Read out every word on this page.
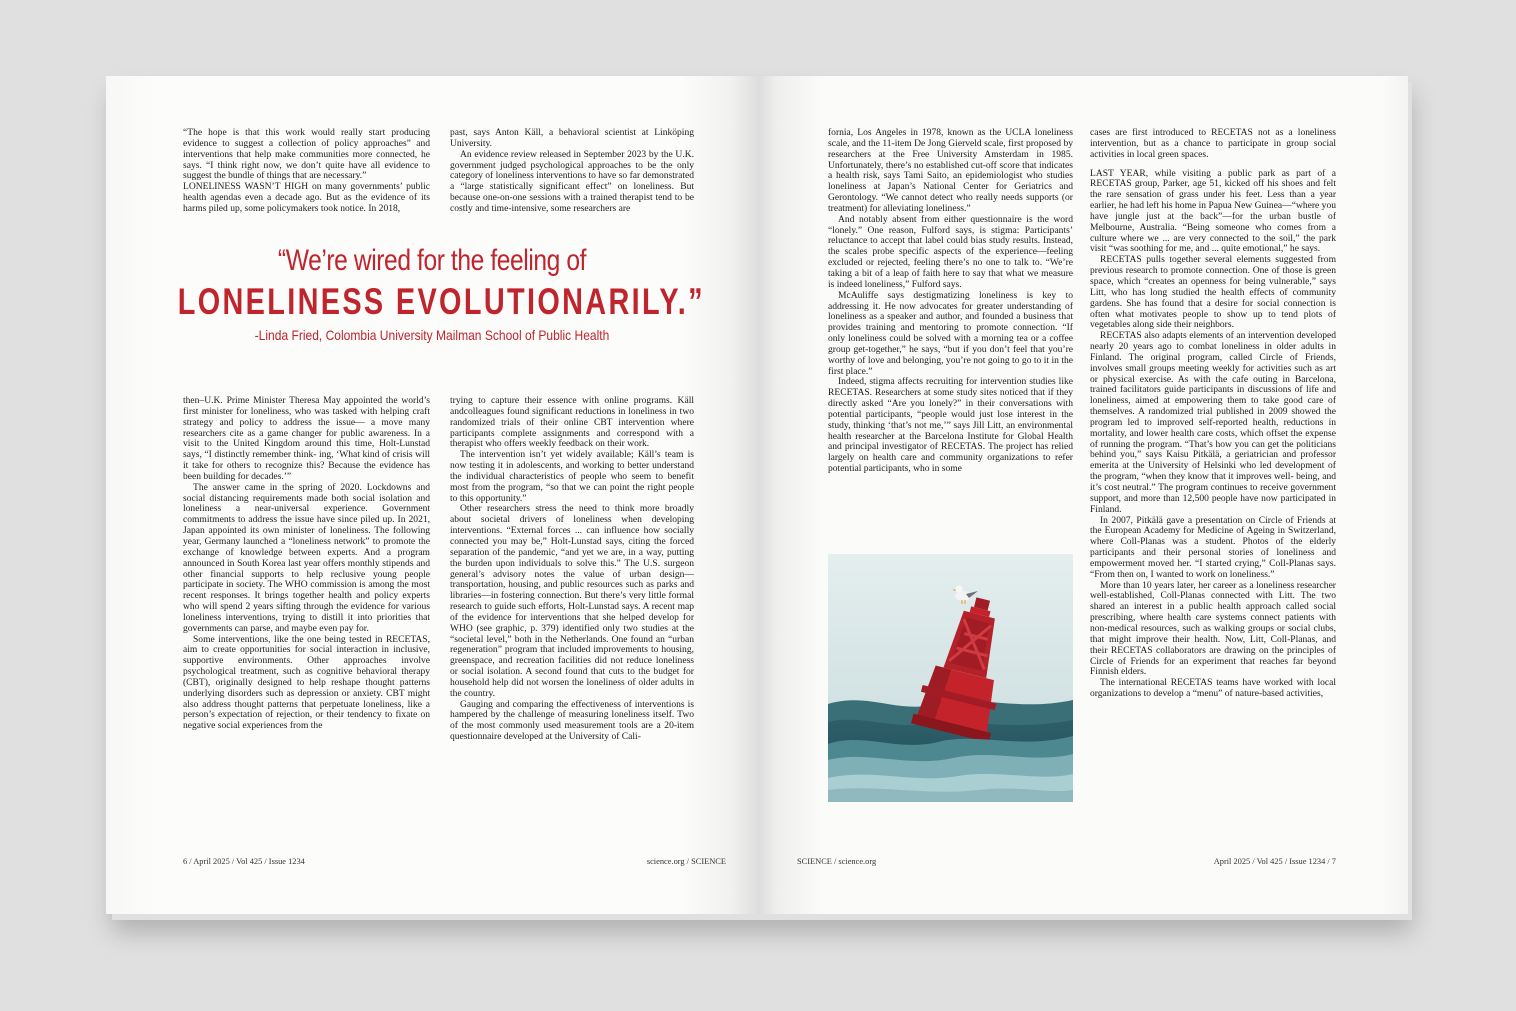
“The hope is that this work would really start producing evidence to suggest a collection of policy approaches” and interventions that help make communities more connected, he says. “I think right now, we don’t quite have all evidence to suggest the bundle of things that are necessary.”

LONELINESS WASN’T HIGH on many governments’ public health agendas even a decade ago. But as the evidence of its harms piled up, some policymakers took notice. In 2018,

past, says Anton Käll, a behavioral scientist at Linköping University.

An evidence review released in September 2023 by the U.K. government judged psychological approaches to be the only category of loneliness interventions to have so far demonstrated a “large statistically significant effect” on loneliness. But because one-on-one sessions with a trained therapist tend to be costly and time-intensive, some researchers are

“We’re wired for the feeling of
LONELINESS EVOLUTIONARILY.”
-Linda Fried, Colombia University Mailman School of Public Health

then–U.K. Prime Minister Theresa May appointed the world’s first minister for loneliness, who was tasked with helping craft strategy and policy to address the issue— a move many researchers cite as a game changer for public awareness. In a visit to the United Kingdom around this time, Holt-Lunstad says, “I distinctly remember think- ing, ‘What kind of crisis will it take for others to recognize this? Because the evidence has been building for decades.’”

The answer came in the spring of 2020. Lockdowns and social distancing requirements made both social isolation and loneliness a near-universal experience. Government commitments to address the issue have since piled up. In 2021, Japan appointed its own minister of loneliness. The following year, Germany launched a “loneliness network” to promote the exchange of knowledge between experts. And a program announced in South Korea last year offers monthly stipends and other financial supports to help reclusive young people participate in society. The WHO commission is among the most recent responses. It brings together health and policy experts who will spend 2 years sifting through the evidence for various loneliness interventions, trying to distill it into priorities that governments can parse, and maybe even pay for.

Some interventions, like the one being tested in RECETAS, aim to create opportunities for social interaction in inclusive, supportive environments. Other approaches involve psychological treatment, such as cognitive behavioral therapy (CBT), originally designed to help reshape thought patterns underlying disorders such as depression or anxiety. CBT might also address thought patterns that perpetuate loneliness, like a person’s expectation of rejection, or their tendency to fixate on negative social experiences from the

trying to capture their essence with online programs. Käll andcolleagues found significant reductions in loneliness in two randomized trials of their online CBT intervention where participants complete assignments and correspond with a therapist who offers weekly feedback on their work.

The intervention isn’t yet widely available; Käll’s team is now testing it in adolescents, and working to better understand the individual characteristics of people who seem to benefit most from the program, “so that we can point the right people to this opportunity.”

Other researchers stress the need to think more broadly about societal drivers of loneliness when developing interventions. “External forces ... can influence how socially connected you may be,” Holt-Lunstad says, citing the forced separation of the pandemic, “and yet we are, in a way, putting the burden upon individuals to solve this.” The U.S. surgeon general’s advisory notes the value of urban design—transportation, housing, and public resources such as parks and libraries—in fostering connection. But there’s very little formal research to guide such efforts, Holt-Lunstad says. A recent map of the evidence for interventions that she helped develop for WHO (see graphic, p. 379) identified only two studies at the “societal level,” both in the Netherlands. One found an “urban regeneration” program that included improvements to housing, greenspace, and recreation facilities did not reduce loneliness or social isolation. A second found that cuts to the budget for household help did not worsen the loneliness of older adults in the country.

Gauging and comparing the effectiveness of interventions is hampered by the challenge of measuring loneliness itself. Two of the most commonly used measurement tools are a 20-item questionnaire developed at the University of Cali-

6 / April 2025 / Vol 425 / Issue 1234	science.org / SCIENCE

fornia, Los Angeles in 1978, known as the UCLA loneliness scale, and the 11-item De Jong Gierveld scale, first proposed by researchers at the Free University Amsterdam in 1985. Unfortunately, there’s no established cut-off score that indicates a health risk, says Tami Saito, an epidemiologist who studies loneliness at Japan’s National Center for Geriatrics and Gerontology. “We cannot detect who really needs supports (or treatment) for alleviating loneliness.”

And notably absent from either questionnaire is the word “lonely.” One reason, Fulford says, is stigma: Participants’ reluctance to accept that label could bias study results. Instead, the scales probe specific aspects of the experience—feeling excluded or rejected, feeling there’s no one to talk to. “We’re taking a bit of a leap of faith here to say that what we measure is indeed loneliness,” Fulford says.

McAuliffe says destigmatizing loneliness is key to addressing it. He now advocates for greater understanding of loneliness as a speaker and author, and founded a business that provides training and mentoring to promote connection. “If only loneliness could be solved with a morning tea or a coffee group get-together,” he says, “but if you don’t feel that you’re worthy of love and belonging, you’re not going to go to it in the first place.”

Indeed, stigma affects recruiting for intervention studies like RECETAS. Researchers at some study sites noticed that if they directly asked “Are you lonely?” in their conversations with potential participants, “people would just lose interest in the study, thinking ‘that’s not me,’” says Jill Litt, an environmental health researcher at the Barcelona Institute for Global Health and principal investigator of RECETAS. The project has relied largely on health care and community organizations to refer potential participants, who in some

cases are first introduced to RECETAS not as a loneliness intervention, but as a chance to participate in group social activities in local green spaces.

LAST YEAR, while visiting a public park as part of a RECETAS group, Parker, age 51, kicked off his shoes and felt the rare sensation of grass under his feet. Less than a year earlier, he had left his home in Papua New Guinea—“where you have jungle just at the back”—for the urban bustle of Melbourne, Australia. “Being someone who comes from a culture where we ... are very connected to the soil,” the park visit “was soothing for me, and ... quite emotional,” he says.

RECETAS pulls together several elements suggested from previous research to promote connection. One of those is green space, which “creates an openness for being vulnerable,” says Litt, who has long studied the health effects of community gardens. She has found that a desire for social connection is often what motivates people to show up to tend plots of vegetables along side their neighbors.

RECETAS also adapts elements of an intervention developed nearly 20 years ago to combat loneliness in older adults in Finland. The original program, called Circle of Friends, involves small groups meeting weekly for activities such as art or physical exercise. As with the cafe outing in Barcelona, trained facilitators guide participants in discussions of life and loneliness, aimed at empowering them to take good care of themselves. A randomized trial published in 2009 showed the program led to improved self-reported health, reductions in mortality, and lower health care costs, which offset the expense of running the program. “That’s how you can get the politicians behind you,” says Kaisu Pitkälä, a geriatrician and professor emerita at the University of Helsinki who led development of the program, “when they know that it improves well- being, and it’s cost neutral.” The program continues to receive government support, and more than 12,500 people have now participated in Finland.

In 2007, Pitkälä gave a presentation on Circle of Friends at the European Academy for Medicine of Ageing in Switzerland, where Coll-Planas was a student. Photos of the elderly participants and their personal stories of loneliness and empowerment moved her. “I started crying,” Coll-Planas says. “From then on, I wanted to work on loneliness.”

More than 10 years later, her career as a loneliness researcher well-established, Coll-Planas connected with Litt. The two shared an interest in a public health approach called social prescribing, where health care systems connect patients with non-medical resources, such as walking groups or social clubs, that might improve their health. Now, Litt, Coll-Planas, and their RECETAS collaborators are drawing on the principles of Circle of Friends for an experiment that reaches far beyond Finnish elders.

The international RECETAS teams have worked with local organizations to develop a “menu” of nature-based activities,

SCIENCE / science.org	April 2025 / Vol 425 / Issue 1234 / 7
